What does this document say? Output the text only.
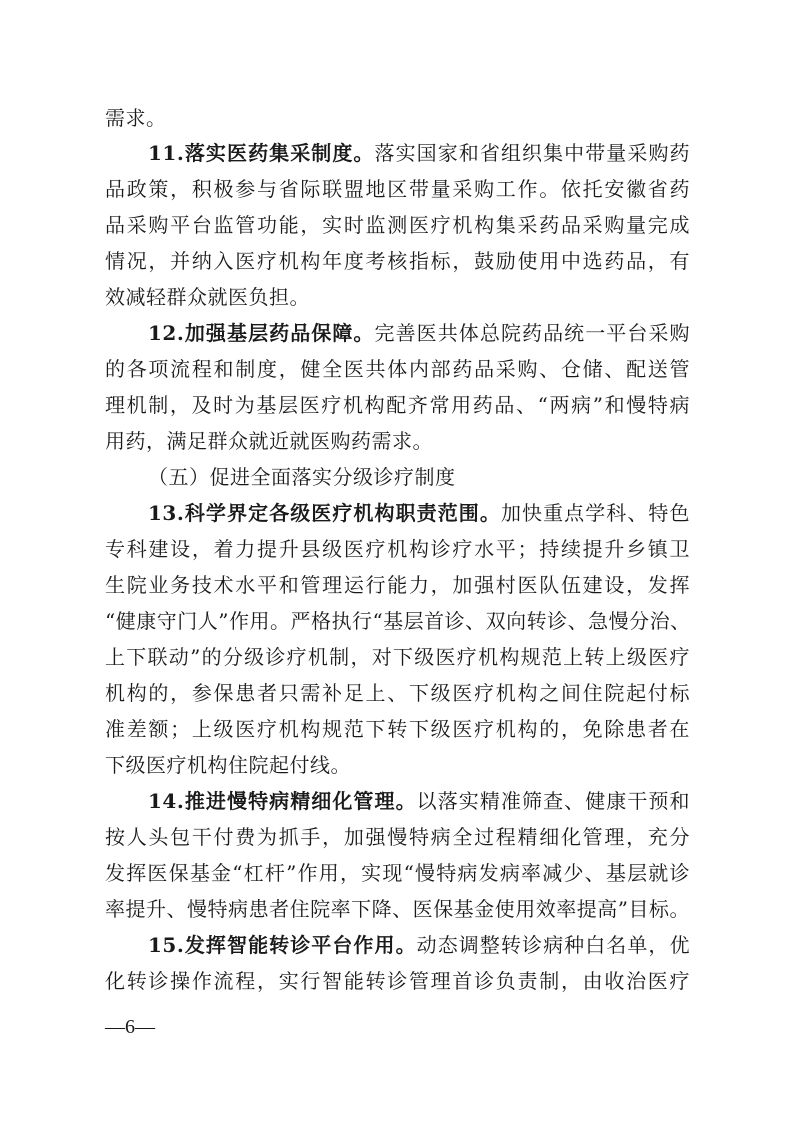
需求。
11.落实医药集采制度。落实国家和省组织集中带量采购药
品政策，积极参与省际联盟地区带量采购工作。依托安徽省药
品采购平台监管功能，实时监测医疗机构集采药品采购量完成
情况，并纳入医疗机构年度考核指标，鼓励使用中选药品，有
效减轻群众就医负担。
12.加强基层药品保障。完善医共体总院药品统一平台采购
的各项流程和制度，健全医共体内部药品采购、仓储、配送管
理机制，及时为基层医疗机构配齐常用药品、“两病”和慢特病
用药，满足群众就近就医购药需求。
（五）促进全面落实分级诊疗制度
13.科学界定各级医疗机构职责范围。加快重点学科、特色
专科建设，着力提升县级医疗机构诊疗水平；持续提升乡镇卫
生院业务技术水平和管理运行能力，加强村医队伍建设，发挥
“健康守门人”作用。严格执行“基层首诊、双向转诊、急慢分治、
上下联动”的分级诊疗机制，对下级医疗机构规范上转上级医疗
机构的，参保患者只需补足上、下级医疗机构之间住院起付标
准差额；上级医疗机构规范下转下级医疗机构的，免除患者在
下级医疗机构住院起付线。
14.推进慢特病精细化管理。以落实精准筛查、健康干预和
按人头包干付费为抓手，加强慢特病全过程精细化管理，充分
发挥医保基金“杠杆”作用，实现“慢特病发病率减少、基层就诊
率提升、慢特病患者住院率下降、医保基金使用效率提高”目标。
15.发挥智能转诊平台作用。动态调整转诊病种白名单，优
化转诊操作流程，实行智能转诊管理首诊负责制，由收治医疗
—6—
